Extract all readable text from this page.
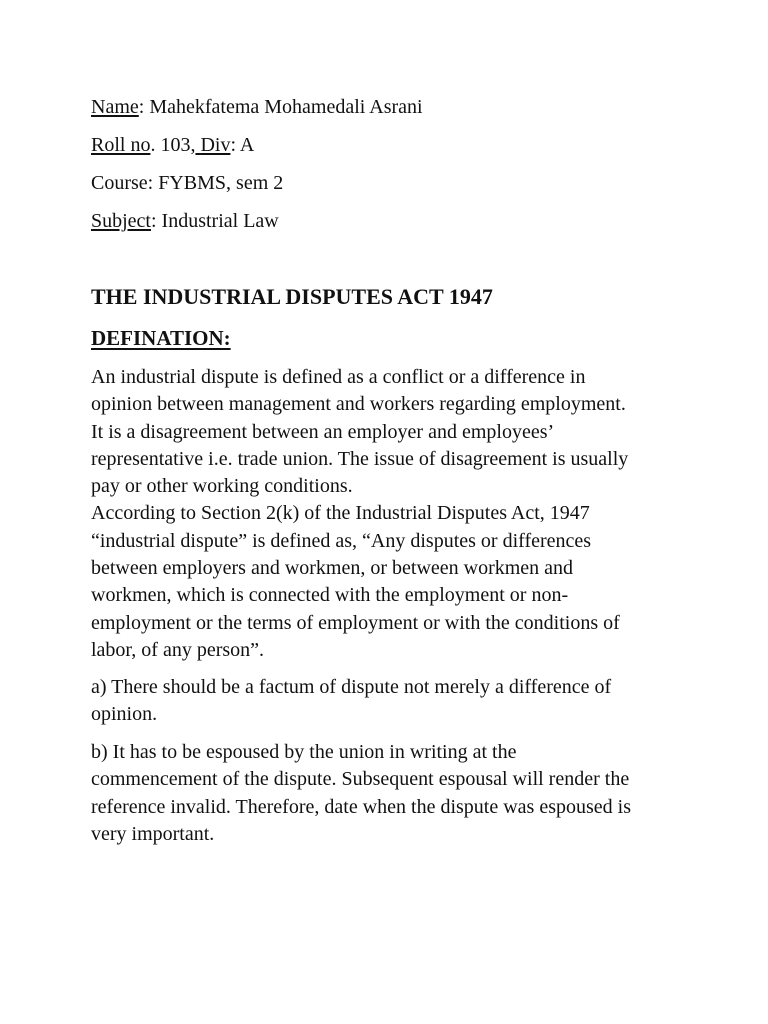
Name: Mahekfatema Mohamedali Asrani
Roll no. 103, Div: A
Course: FYBMS, sem 2
Subject: Industrial Law
THE INDUSTRIAL DISPUTES ACT 1947
DEFINATION:
An industrial dispute is defined as a conflict or a difference in
opinion between management and workers regarding employment.
It is a disagreement between an employer and employees’
representative i.e. trade union. The issue of disagreement is usually
pay or other working conditions.
According to Section 2(k) of the Industrial Disputes Act, 1947
“industrial dispute” is defined as, “Any disputes or differences
between employers and workmen, or between workmen and
workmen, which is connected with the employment or non-
employment or the terms of employment or with the conditions of
labor, of any person”.
a) There should be a factum of dispute not merely a difference of
opinion.
b) It has to be espoused by the union in writing at the
commencement of the dispute. Subsequent espousal will render the
reference invalid. Therefore, date when the dispute was espoused is
very important.
